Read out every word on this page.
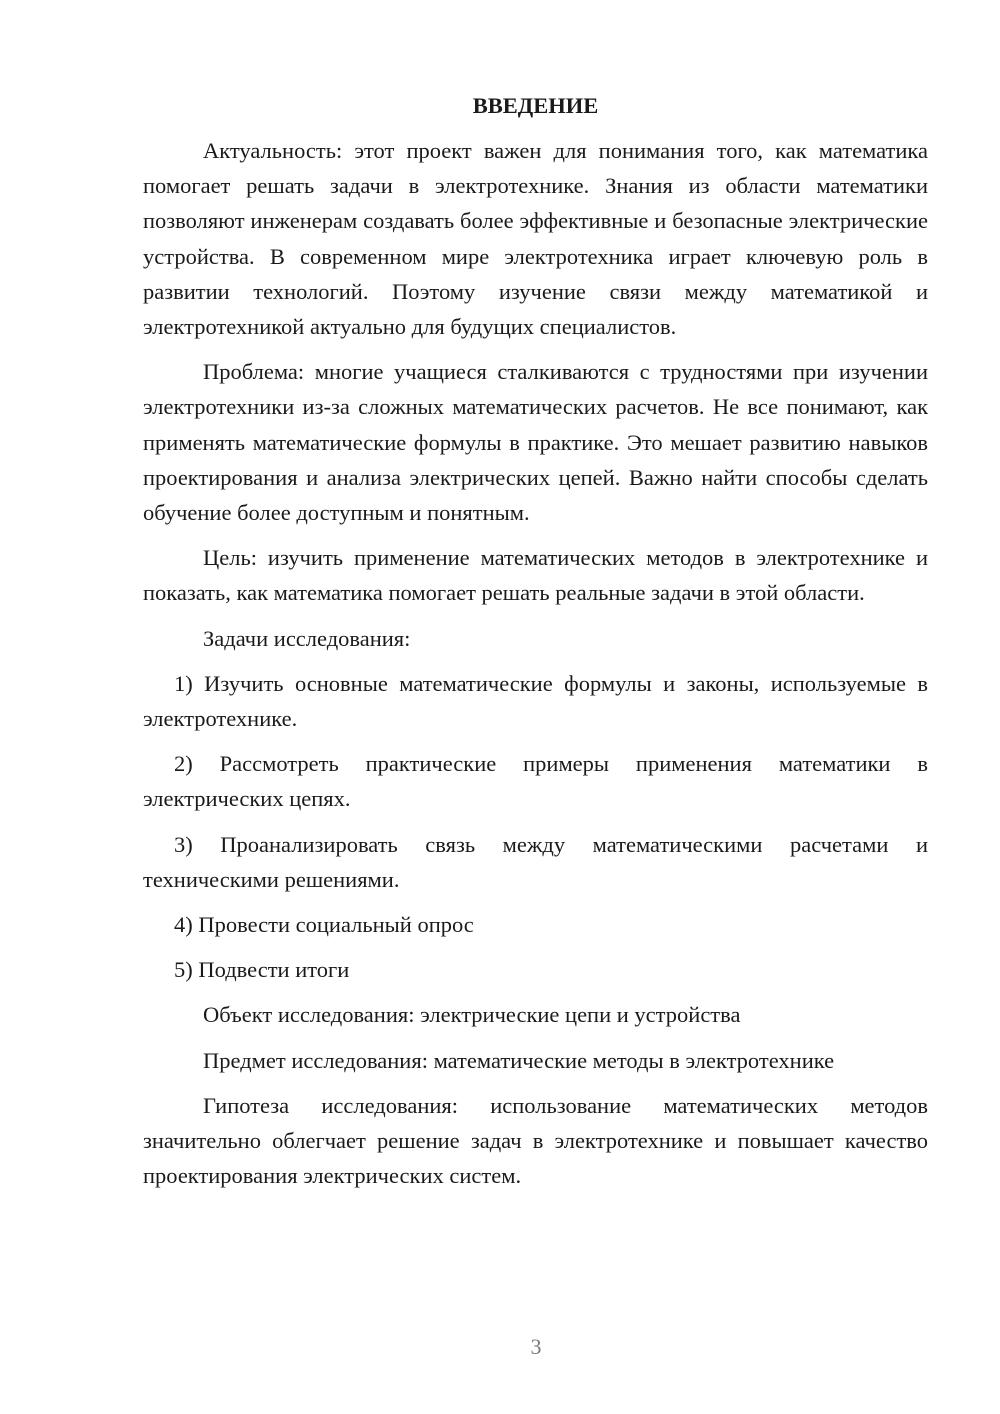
ВВЕДЕНИЕ

Актуальность: этот проект важен для понимания того, как математика помогает решать задачи в электротехнике. Знания из области математики позволяют инженерам создавать более эффективные и безопасные электрические устройства. В современном мире электротехника играет ключевую роль в развитии технологий. Поэтому изучение связи между математикой и электротехникой актуально для будущих специалистов.

Проблема: многие учащиеся сталкиваются с трудностями при изучении электротехники из-за сложных математических расчетов. Не все понимают, как применять математические формулы в практике. Это мешает развитию навыков проектирования и анализа электрических цепей. Важно найти способы сделать обучение более доступным и понятным.

Цель: изучить применение математических методов в электротехнике и показать, как математика помогает решать реальные задачи в этой области.

Задачи исследования:

1) Изучить основные математические формулы и законы, используемые в электротехнике.

2) Рассмотреть практические примеры применения математики в электрических цепях.

3) Проанализировать связь между математическими расчетами и техническими решениями.

4) Провести социальный опрос

5) Подвести итоги

Объект исследования: электрические цепи и устройства

Предмет исследования: математические методы в электротехнике

Гипотеза исследования: использование математических методов значительно облегчает решение задач в электротехнике и повышает качество проектирования электрических систем.

3
